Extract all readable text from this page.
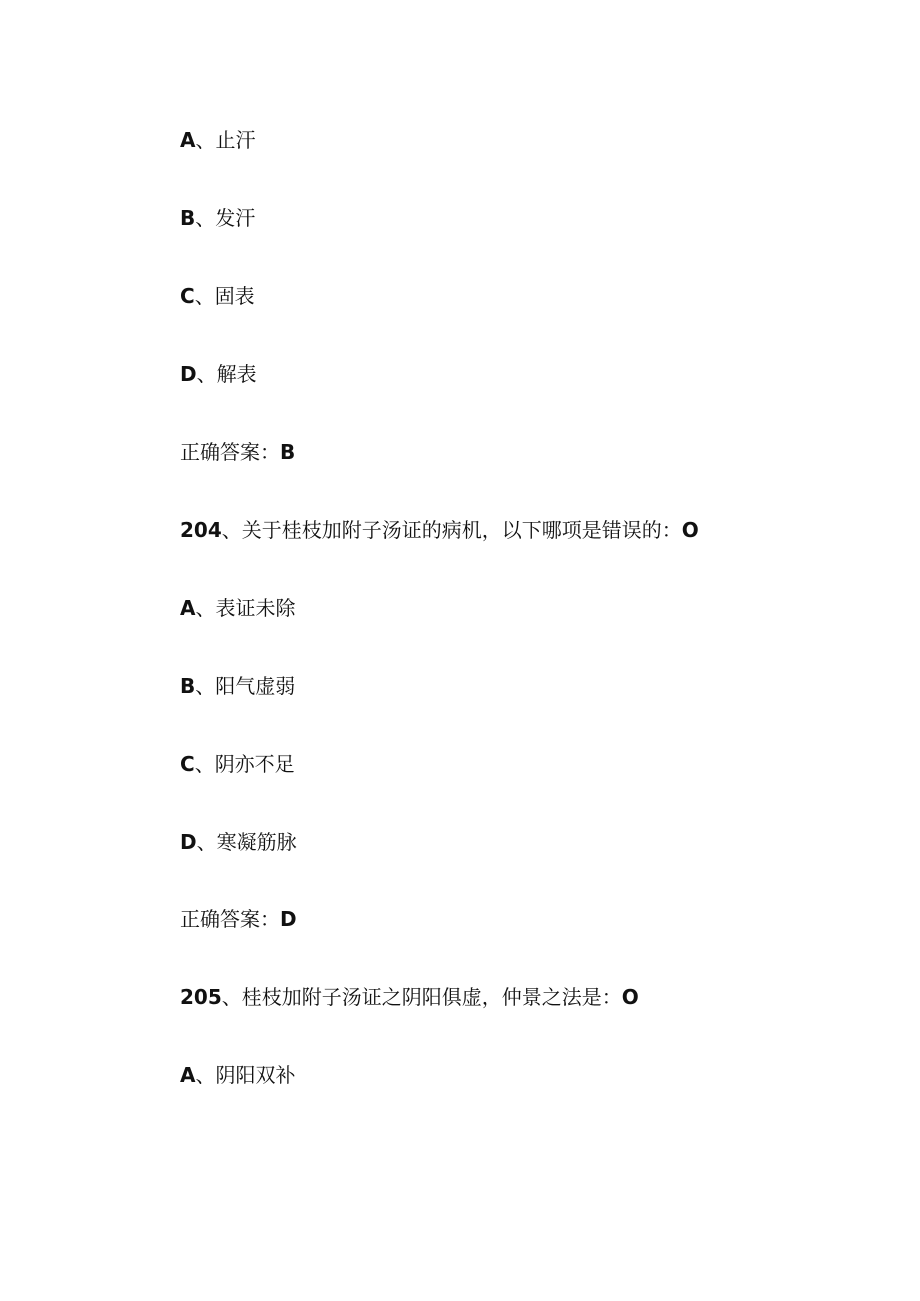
A、止汗
B、发汗
C、固表
D、解表
正确答案：B
204、关于桂枝加附子汤证的病机，以下哪项是错误的：O
A、表证未除
B、阳气虚弱
C、阴亦不足
D、寒凝筋脉
正确答案：D
205、桂枝加附子汤证之阴阳俱虚，仲景之法是：O
A、阴阳双补
